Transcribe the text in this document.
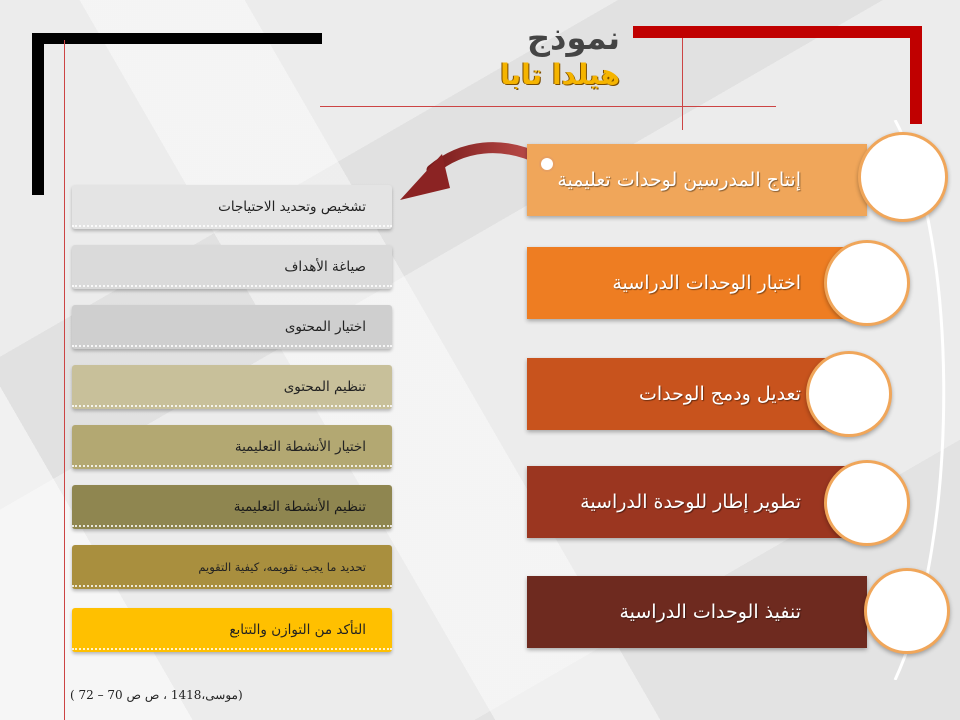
نموذج
هيلدا تابا
تشخيص وتحديد الاحتياجات
صياغة الأهداف
اختيار المحتوى
تنظيم المحتوى
اختيار الأنشطة التعليمية
تنظيم الأنشطة التعليمية
تحديد ما يجب تقويمه، كيفية التقويم
التأكد من التوازن والتتابع
إنتاج المدرسين لوحدات تعليمية
اختبار الوحدات الدراسية
تعديل ودمج الوحدات
تطوير إطار للوحدة الدراسية
تنفيذ الوحدات الدراسية
(موسى،1418 ، ص ص 70 – 72 )
